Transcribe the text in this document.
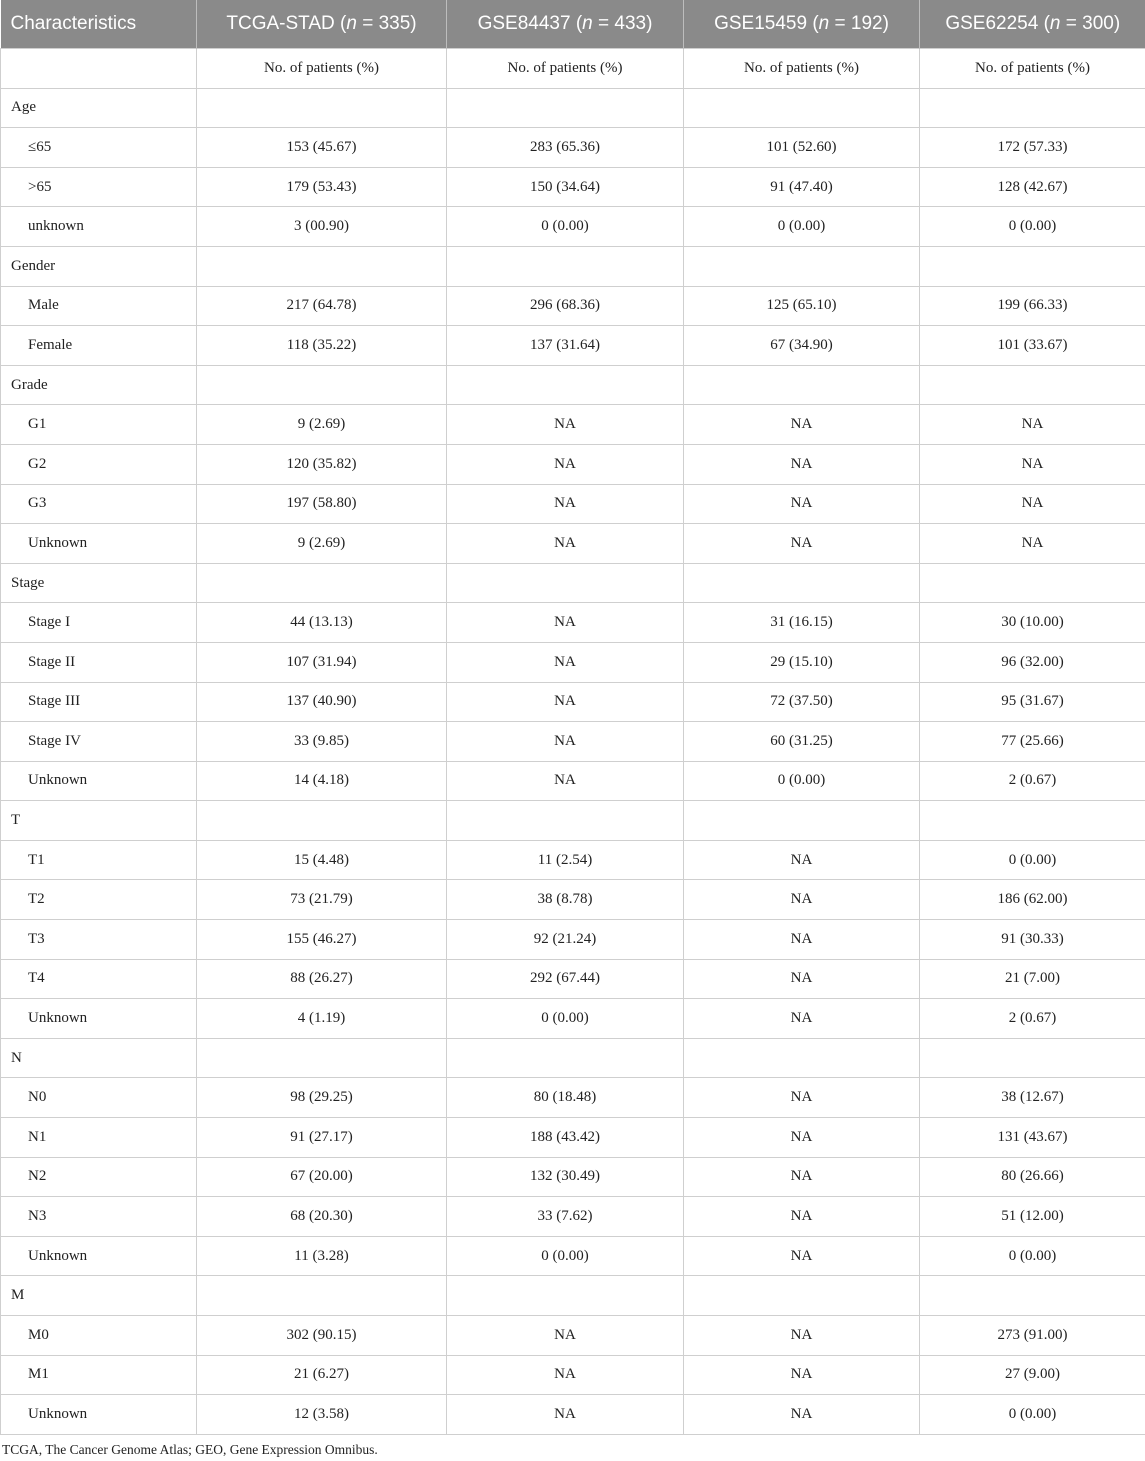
Characteristics	TCGA-STAD (n = 335)	GSE84437 (n = 433)	GSE15459 (n = 192)	GSE62254 (n = 300)
	No. of patients (%)	No. of patients (%)	No. of patients (%)	No. of patients (%)
Age				
≤65	153 (45.67)	283 (65.36)	101 (52.60)	172 (57.33)
>65	179 (53.43)	150 (34.64)	91 (47.40)	128 (42.67)
unknown	3 (00.90)	0 (0.00)	0 (0.00)	0 (0.00)
Gender				
Male	217 (64.78)	296 (68.36)	125 (65.10)	199 (66.33)
Female	118 (35.22)	137 (31.64)	67 (34.90)	101 (33.67)
Grade				
G1	9 (2.69)	NA	NA	NA
G2	120 (35.82)	NA	NA	NA
G3	197 (58.80)	NA	NA	NA
Unknown	9 (2.69)	NA	NA	NA
Stage				
Stage I	44 (13.13)	NA	31 (16.15)	30 (10.00)
Stage II	107 (31.94)	NA	29 (15.10)	96 (32.00)
Stage III	137 (40.90)	NA	72 (37.50)	95 (31.67)
Stage IV	33 (9.85)	NA	60 (31.25)	77 (25.66)
Unknown	14 (4.18)	NA	0 (0.00)	2 (0.67)
T				
T1	15 (4.48)	11 (2.54)	NA	0 (0.00)
T2	73 (21.79)	38 (8.78)	NA	186 (62.00)
T3	155 (46.27)	92 (21.24)	NA	91 (30.33)
T4	88 (26.27)	292 (67.44)	NA	21 (7.00)
Unknown	4 (1.19)	0 (0.00)	NA	2 (0.67)
N				
N0	98 (29.25)	80 (18.48)	NA	38 (12.67)
N1	91 (27.17)	188 (43.42)	NA	131 (43.67)
N2	67 (20.00)	132 (30.49)	NA	80 (26.66)
N3	68 (20.30)	33 (7.62)	NA	51 (12.00)
Unknown	11 (3.28)	0 (0.00)	NA	0 (0.00)
M				
M0	302 (90.15)	NA	NA	273 (91.00)
M1	21 (6.27)	NA	NA	27 (9.00)
Unknown	12 (3.58)	NA	NA	0 (0.00)
TCGA, The Cancer Genome Atlas; GEO, Gene Expression Omnibus.
